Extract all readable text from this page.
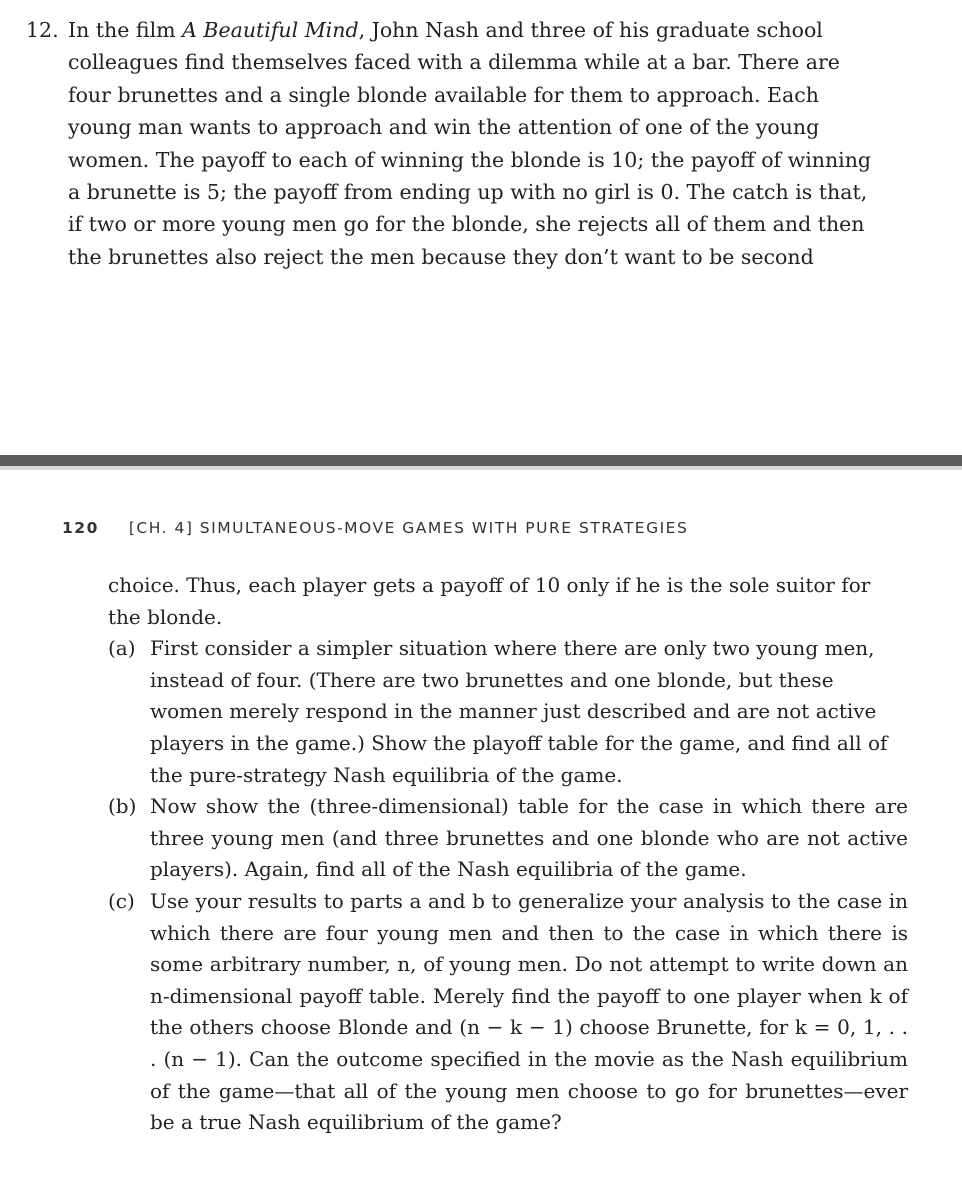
12. In the film A Beautiful Mind, John Nash and three of his graduate school colleagues find themselves faced with a dilemma while at a bar. There are four brunettes and a single blonde available for them to approach. Each young man wants to approach and win the attention of one of the young women. The payoff to each of winning the blonde is 10; the payoff of winning a brunette is 5; the payoff from ending up with no girl is 0. The catch is that, if two or more young men go for the blonde, she rejects all of them and then the brunettes also reject the men because they don’t want to be second
120 [CH. 4] SIMULTANEOUS-MOVE GAMES WITH PURE STRATEGIES
choice. Thus, each player gets a payoff of 10 only if he is the sole suitor for the blonde.
(a) First consider a simpler situation where there are only two young men, instead of four. (There are two brunettes and one blonde, but these women merely respond in the manner just described and are not active players in the game.) Show the playoff table for the game, and find all of the pure-strategy Nash equilibria of the game.
(b) Now show the (three-dimensional) table for the case in which there are three young men (and three brunettes and one blonde who are not active players). Again, find all of the Nash equilibria of the game.
(c) Use your results to parts a and b to generalize your analysis to the case in which there are four young men and then to the case in which there is some arbitrary number, n, of young men. Do not attempt to write down an n-dimensional payoff table. Merely find the payoff to one player when k of the others choose Blonde and (n − k − 1) choose Brunette, for k = 0, 1, . . . (n − 1). Can the outcome specified in the movie as the Nash equilibrium of the game—that all of the young men choose to go for brunettes—ever be a true Nash equilibrium of the game?
